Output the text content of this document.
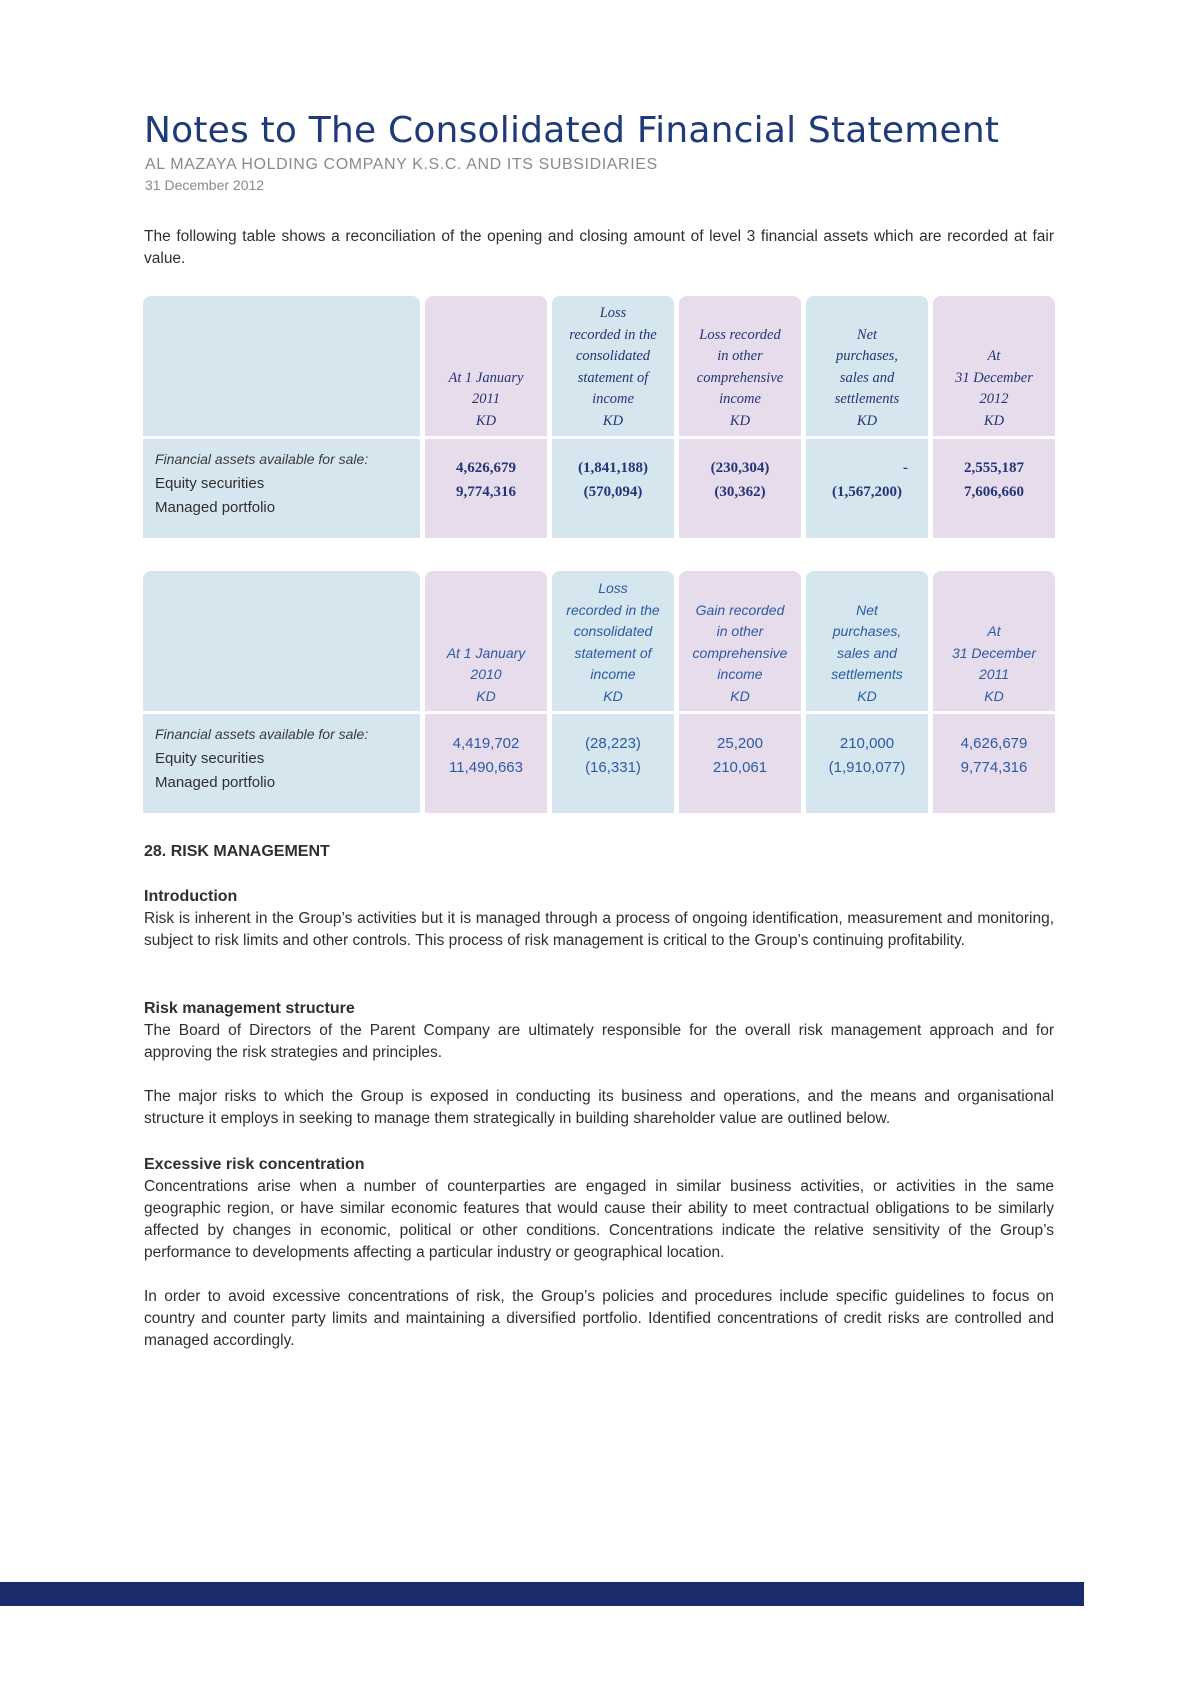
Notes to The Consolidated Financial Statement
AL MAZAYA HOLDING COMPANY K.S.C. AND ITS SUBSIDIARIES
31 December 2012

The following table shows a reconciliation of the opening and closing amount of level 3 financial assets which are recorded at fair value.

Financial assets available for sale:
Equity securities
Managed portfolio
At 1 January
2011
KD
4,626,679
9,774,316
Loss
recorded in the
consolidated
statement of
income
KD
(1,841,188)
(570,094)
Loss recorded
in other
comprehensive
income
KD
(230,304)
(30,362)
Net
purchases,
sales and
settlements
KD
-
(1,567,200)
At
31 December
2012
KD
2,555,187
7,606,660
Financial assets available for sale:
Equity securities
Managed portfolio
At 1 January
2010
KD
4,419,702
11,490,663
Loss
recorded in the
consolidated
statement of
income
KD
(28,223)
(16,331)
Gain recorded
in other
comprehensive
income
KD
25,200
210,061
Net
purchases,
sales and
settlements
KD
210,000
(1,910,077)
At
31 December
2011
KD
4,626,679
9,774,316
28. RISK MANAGEMENT

Introduction

Risk is inherent in the Group’s activities but it is managed through a process of ongoing identification, measurement and monitoring, subject to risk limits and other controls. This process of risk management is critical to the Group’s continuing profitability.

Risk management structure

The Board of Directors of the Parent Company are ultimately responsible for the overall risk management approach and for approving the risk strategies and principles.

The major risks to which the Group is exposed in conducting its business and operations, and the means and organisational structure it employs in seeking to manage them strategically in building shareholder value are outlined below.

Excessive risk concentration

Concentrations arise when a number of counterparties are engaged in similar business activities, or activities in the same geographic region, or have similar economic features that would cause their ability to meet contractual obligations to be similarly affected by changes in economic, political or other conditions. Concentrations indicate the relative sensitivity of the Group’s performance to developments affecting a particular industry or geographical location.

In order to avoid excessive concentrations of risk, the Group’s policies and procedures include specific guidelines to focus on country and counter party limits and maintaining a diversified portfolio. Identified concentrations of credit risks are controlled and managed accordingly.
